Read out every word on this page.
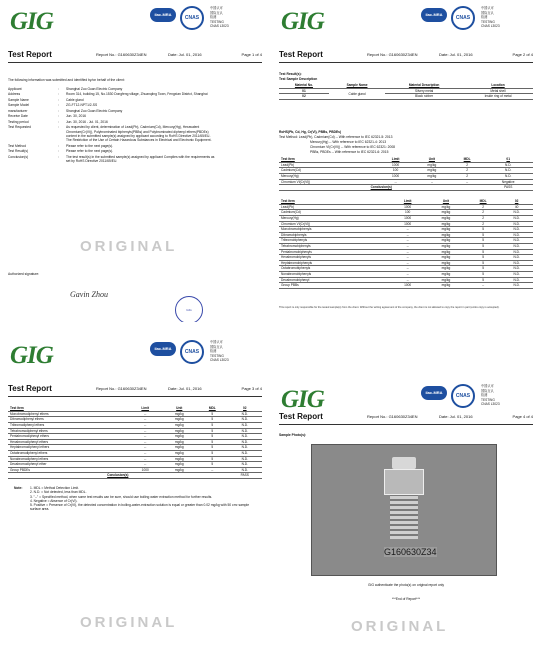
GIG	ilac-MRA
CNAS
中国认可
国际互认
检测
TESTING
CNAS L3023
Test Report	Report No.: G160630Z34EN	Date: Jul. 01, 2016	Page 1 of 4
The following information was submitted and identified by/on behalf of the client:
Applicant	:	Shanghai Zuo Guan Electric Company
Address	:	Room 314, building 15, No.1530 Dongfeng village, Zhuanqiing Town, Fengxian District, Shanghai
Sample Name	:	Cable gland
Sample Model	:	ZG-FT12-NPT1/2-SS
manufacturer	:	Shanghai Zuo Guan Electric Company
Receive Date	:	Jun. 30, 2016
Testing period	:	Jun. 30, 2016 - Jul. 01, 2016
Test Requested	:	As requested by client, determination of Lead(Pb), Cadmium(Cd), Mercury(Hg), Hexavalent Chromium(Cr(VI)), Polybrominated biphenyls(PBBs) and Polybrominated diphenyl ethers(PBDEs) content in the submitted sample(s) assigned by applicant according to RoHS Directive 2011/65/EU-The Restriction of the Use of Certain Hazardous Substances in Electrical and Electronic Equipment.
Test Method	:	Please refer to the next page(s).
Test Result(s)	:	Please refer to the next page(s).
Conclusion(s)	:	The test result(s) in the submitted sample(s) assigned by applicant Complies with the requirements as set by RoHS Directive 2011/65/EU.
ORIGINAL
Authorized signature:
Gavin Zhou
GIG
GIG	ilac-MRA
CNAS
中国认可
国际互认
检测
TESTING
CNAS L3023
Test Report	Report No.: G160630Z34EN	Date: Jul. 01, 2016	Page 2 of 4
Test Result(s):
Test Sample Description
Material No.	Sample Name	Material Description	Location
01	Cable gland	Silvery metal	Metal shell
02		Black rubber	Inside ring of metal
RoHS(Pb, Cd, Hg, Cr(VI), PBBs, PBDEs)
Test Method: Lead(Pb), Cadmium(Cd) -- With reference to IEC 62321-5: 2013
Mercury(Hg) -- With reference to IEC 62321-4: 2013
Chromium VI(Cr(VI)) -- With reference to IEC 62321: 2008
PBBs, PBDEs -- With reference to IEC 62321-6: 2015
Test item	Limit	Unit	MDL	01
Lead(Pb)	1000	mg/kg	2	N.D.
Cadmium(Cd)	100	mg/kg	2	N.D.
Mercury(Hg)	1000	mg/kg	2	N.D.
Chromium VI(Cr(VI))	--	--	--	Negative
Conclusion(s)				PASS
Test item	Limit	Unit	MDL	02
Lead(Pb)	1000	mg/kg	2	40
Cadmium(Cd)	100	mg/kg	2	N.D.
Mercury(Hg)	1000	mg/kg	2	N.D.
Chromium VI(Cr(VI))	1000	mg/kg	2	N.D.
Monobromobiphenyls	--	mg/kg	5	N.D.
Dibromobiphenyls	--	mg/kg	5	N.D.
Tribromobiphenyls	--	mg/kg	5	N.D.
Tetrabromobiphenyls	--	mg/kg	5	N.D.
Pentabromobiphenyls	--	mg/kg	5	N.D.
Hexabromobiphenyls	--	mg/kg	5	N.D.
Heptabromobiphenyls	--	mg/kg	5	N.D.
Octabromobiphenyls	--	mg/kg	5	N.D.
Nonabromobiphenyls	--	mg/kg	5	N.D.
Decabromobiphenyl	--	mg/kg	5	N.D.
Group PBBs	1000	mg/kg	--	N.D.
This report is only responsible for the tested sample(s) from the client. Without the writing agreement of the company, the client is not allowed to copy the report in part (entire copy is accepted).
GIG	ilac-MRA
CNAS
中国认可
国际互认
检测
TESTING
CNAS L3023
Test Report	Report No.: G160630Z34EN	Date: Jul. 01, 2016	Page 3 of 4
Test item	Limit	Unit	MDL	02
Monobromodiphenyl ethers	--	mg/kg	5	N.D.
Dibromodiphenyl ethers	--	mg/kg	5	N.D.
Tribromodiphenyl ethers	--	mg/kg	5	N.D.
Tetrabromodiphenyl ethers	--	mg/kg	5	N.D.
Pentabromodiphenyl ethers	--	mg/kg	5	N.D.
Hexabromodiphenyl ethers	--	mg/kg	5	N.D.
Heptabromodiphenyl ethers	--	mg/kg	5	N.D.
Octabromodiphenyl ethers	--	mg/kg	5	N.D.
Nonabromodiphenyl ethers	--	mg/kg	5	N.D.
Decabromodiphenyl ether	--	mg/kg	5	N.D.
Group PBDEs	1000	mg/kg	--	N.D.
Conclusion(s)				PASS
Note: 1. MDL = Method Detection Limit.
2. N.D. = Not detected, less than MDL.
3. "--" = Specified method, when some test results can be sure, should use boiling water extraction method for further results.
4. Negative = Absence of Cr(VI).
5. Positive = Presence of Cr(VI), the detected concentration in boiling-water-extraction solution is equal or greater than 0.02 mg/kg with 50 cm² sample surface area.
ORIGINAL
GIG	ilac-MRA
CNAS
中国认可
国际互认
检测
TESTING
CNAS L3023
Test Report	Report No.: G160630Z34EN	Date: Jul. 01, 2016	Page 4 of 4
Sample Photo(s):
G160630Z34
GIG authenticate the photo(s) on original report only
***End of Report***
ORIGINAL
